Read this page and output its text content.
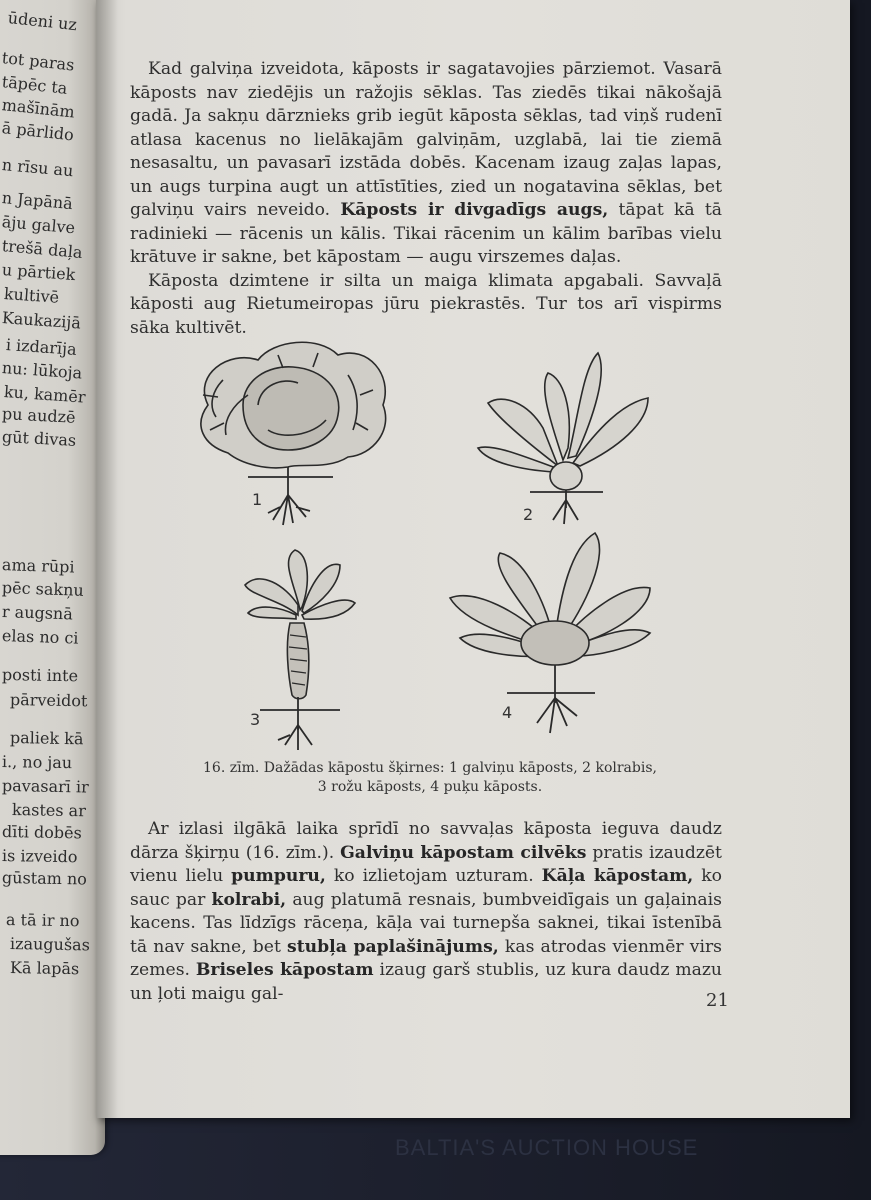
BALTIA'S AUCTION HOUSE
ūdeni uz
tot paras
tāpēc ta
mašīnām
ā pārlido
n rīsu au
n Japānā
āju galve
trešā daļa
u pārtiek
kultivē
Kaukazijā
i izdarīja
nu: lūkoja
ku, kamēr
pu audzē
gūt divas
ama rūpi
pēc sakņu
r augsnā
elas no ci
posti inte
pārveidot
paliek kā
i., no jau
pavasarī ir
kastes ar
dīti dobēs
is izveido
gūstam no
a tā ir no
izaugušas
Kā lapās

Kad galviņa izveidota, kāposts ir sagatavojies pārziemot. Vasarā kāposts nav ziedējis un ražojis sēklas. Tas ziedēs tikai nākošajā gadā. Ja sakņu dārznieks grib iegūt kāposta sēklas, tad viņš rudenī atlasa kacenus no lielākajām galviņām, uzglabā, lai tie ziemā nesasaltu, un pavasarī izstāda dobēs. Kacenam izaug zaļas lapas, un augs turpina augt un attīstīties, zied un nogatavina sēklas, bet galviņu vairs neveido. Kāposts ir divgadīgs augs, tāpat kā tā radinieki — rācenis un kālis. Tikai rācenim un kālim barības vielu krātuve ir sakne, bet kāpostam — augu virszemes daļas.

Kāposta dzimtene ir silta un maiga klimata apgabali. Savvaļā kāposti aug Rietumeiropas jūru piekrastēs. Tur tos arī vispirms sāka kultivēt.

1
2
3	4
16. zīm. Dažādas kāpostu šķirnes: 1 galviņu kāposts, 2 kolrabis,
3 rožu kāposts, 4 puķu kāposts.

Ar izlasi ilgākā laika sprīdī no savvaļas kāposta ieguva daudz dārza šķirņu (16. zīm.). Galviņu kāpostam cilvēks pratis izaudzēt vienu lielu pumpuru, ko izlietojam uzturam. Kāļa kāpostam, ko sauc par kolrabi, aug platumā resnais, bumbveidīgais un gaļainais kacens. Tas līdzīgs rāceņa, kāļa vai turnepša saknei, tikai īstenībā tā nav sakne, bet stubļa paplašinājums, kas atrodas vienmēr virs zemes. Briseles kāpostam izaug garš stublis, uz kura daudz mazu un ļoti maigu gal-	21
